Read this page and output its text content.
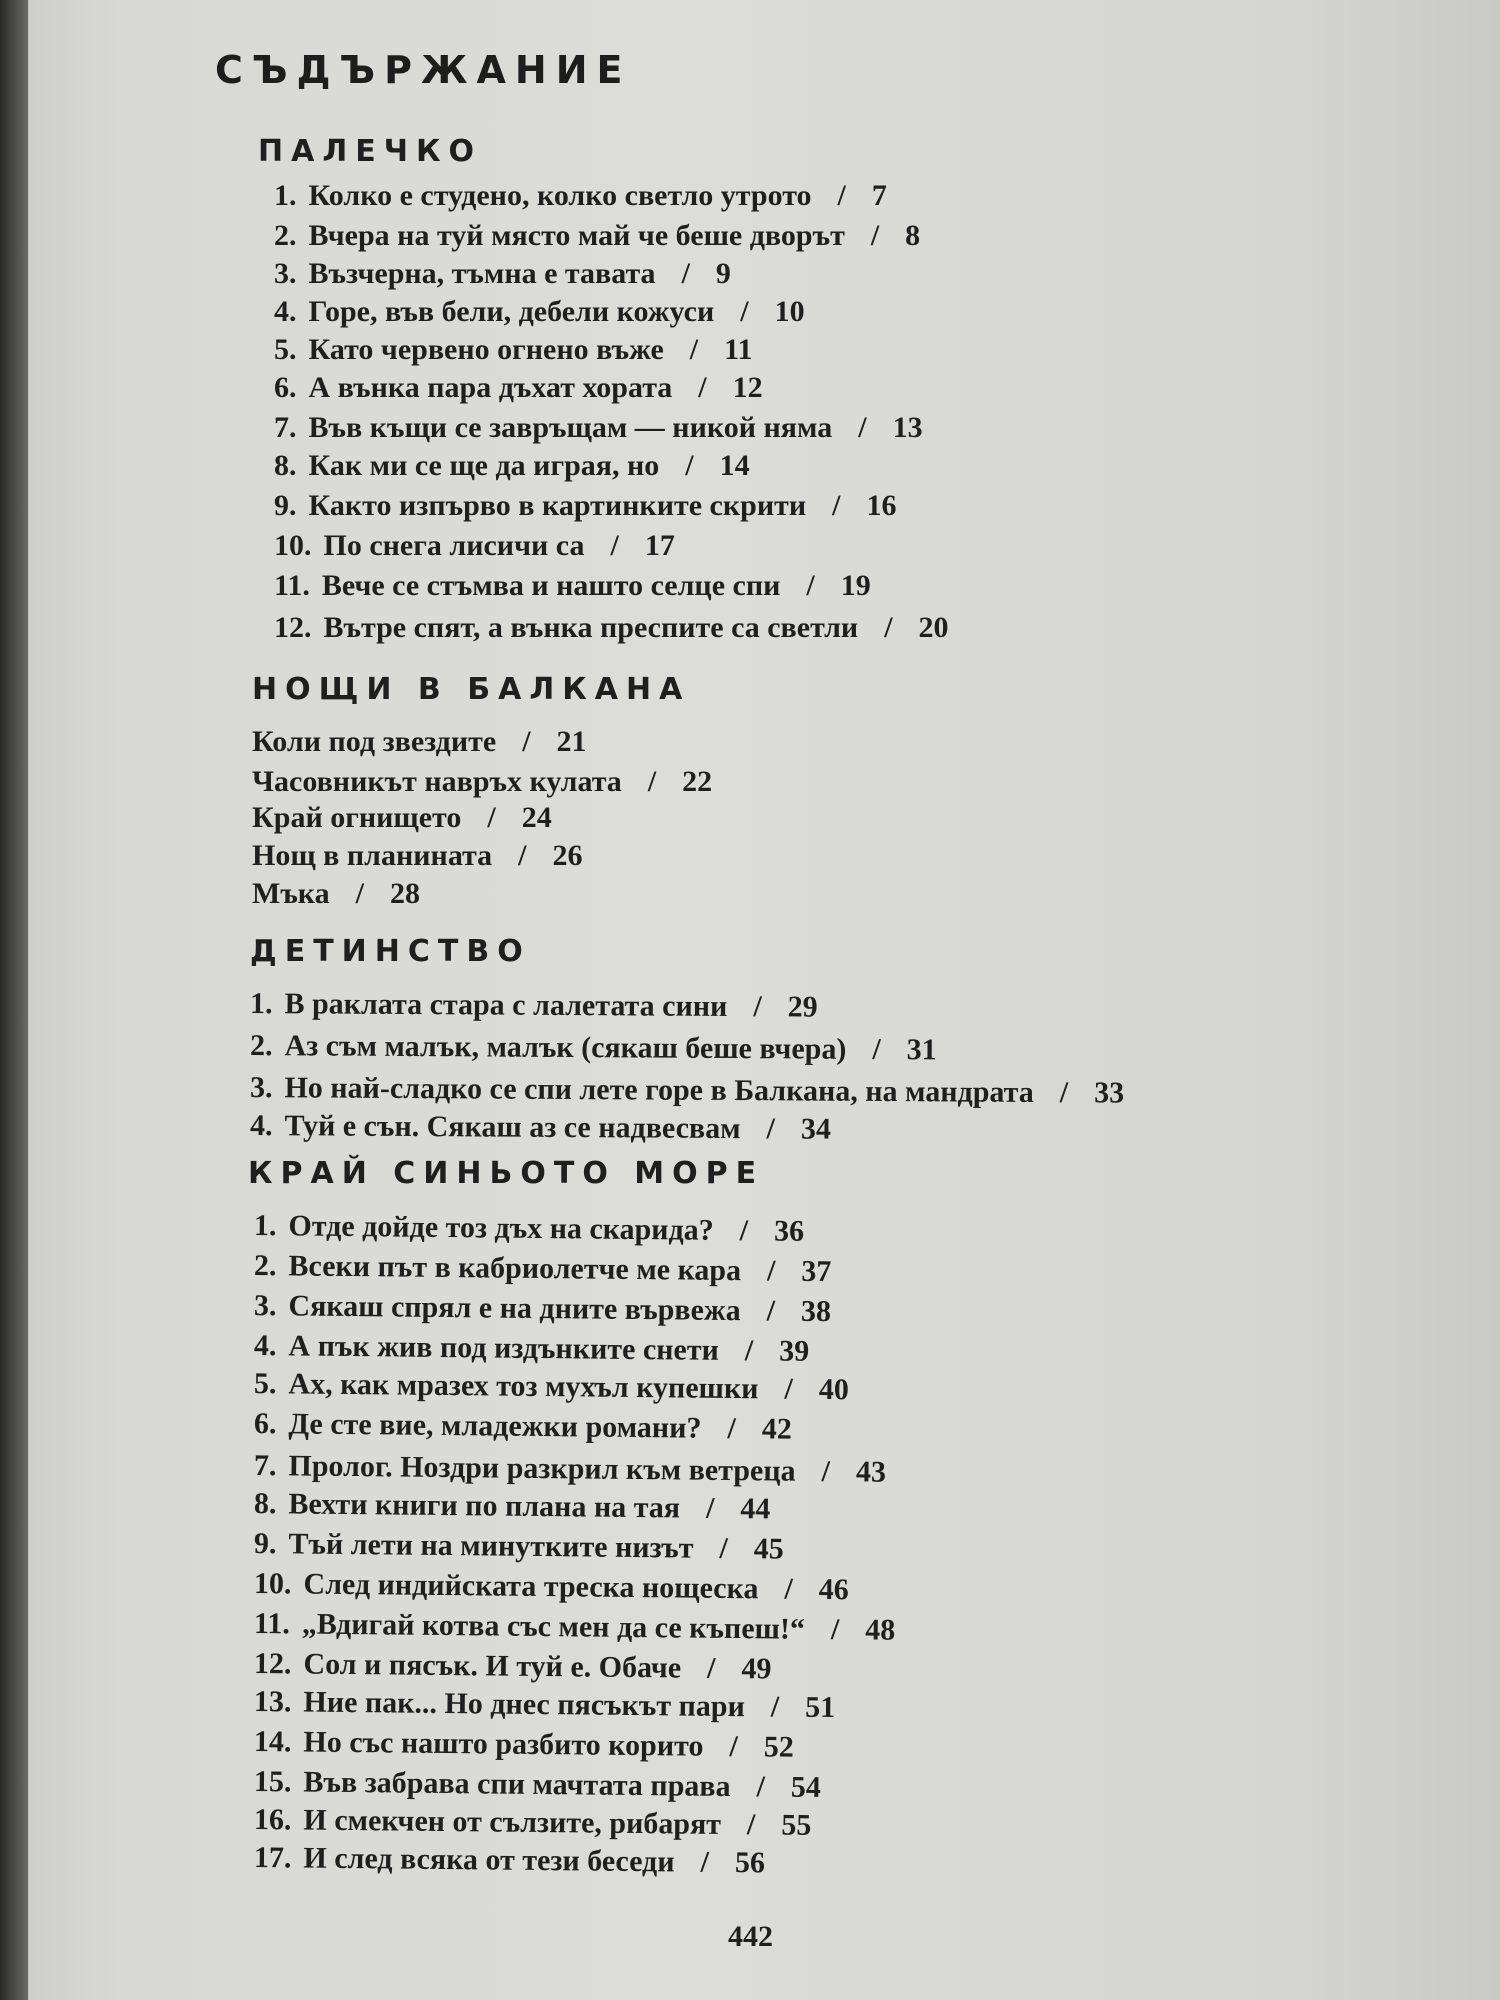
СЪДЪРЖАНИЕ
ПАЛЕЧКО
1. Колко е студено, колко светло утрото / 7
2. Вчера на туй място май че беше дворът / 8
3. Възчерна, тъмна е тавата / 9
4. Горе, във бели, дебели кожуси / 10
5. Като червено огнено въже / 11
6. А вънка пара дъхат хората / 12
7. Във къщи се завръщам — никой няма / 13
8. Как ми се ще да играя, но / 14
9. Както изпърво в картинките скрити / 16
10. По снега лисичи са / 17
11. Вече се стъмва и нашто селце спи / 19
12. Вътре спят, а вънка преспите са светли / 20
НОЩИ В БАЛКАНА
Коли под звездите / 21
Часовникът навръх кулата / 22
Край огнището / 24
Нощ в планината / 26
Мъка / 28
ДЕТИНСТВО
1. В раклата стара с лалетата сини / 29
2. Аз съм малък, малък (сякаш беше вчера) / 31
3. Но най-сладко се спи лете горе в Балкана, на мандрата / 33
4. Туй е сън. Сякаш аз се надвесвам / 34
КРАЙ СИНЬОТО МОРЕ
1. Отде дойде тоз дъх на скарида? / 36
2. Всеки път в кабриолетче ме кара / 37
3. Сякаш спрял е на дните вървежа / 38
4. А пък жив под издънките снети / 39
5. Ах, как мразех тоз мухъл купешки / 40
6. Де сте вие, младежки романи? / 42
7. Пролог. Ноздри разкрил към ветреца / 43
8. Вехти книги по плана на тая / 44
9. Тъй лети на минутките низът / 45
10. След индийската треска нощеска / 46
11. „Вдигай котва със мен да се къпеш!“ / 48
12. Сол и пясък. И туй е. Обаче / 49
13. Ние пак... Но днес пясъкът пари / 51
14. Но със нашто разбито корито / 52
15. Във забрава спи мачтата права / 54
16. И смекчен от сълзите, рибарят / 55
17. И след всяка от тези беседи / 56
442
